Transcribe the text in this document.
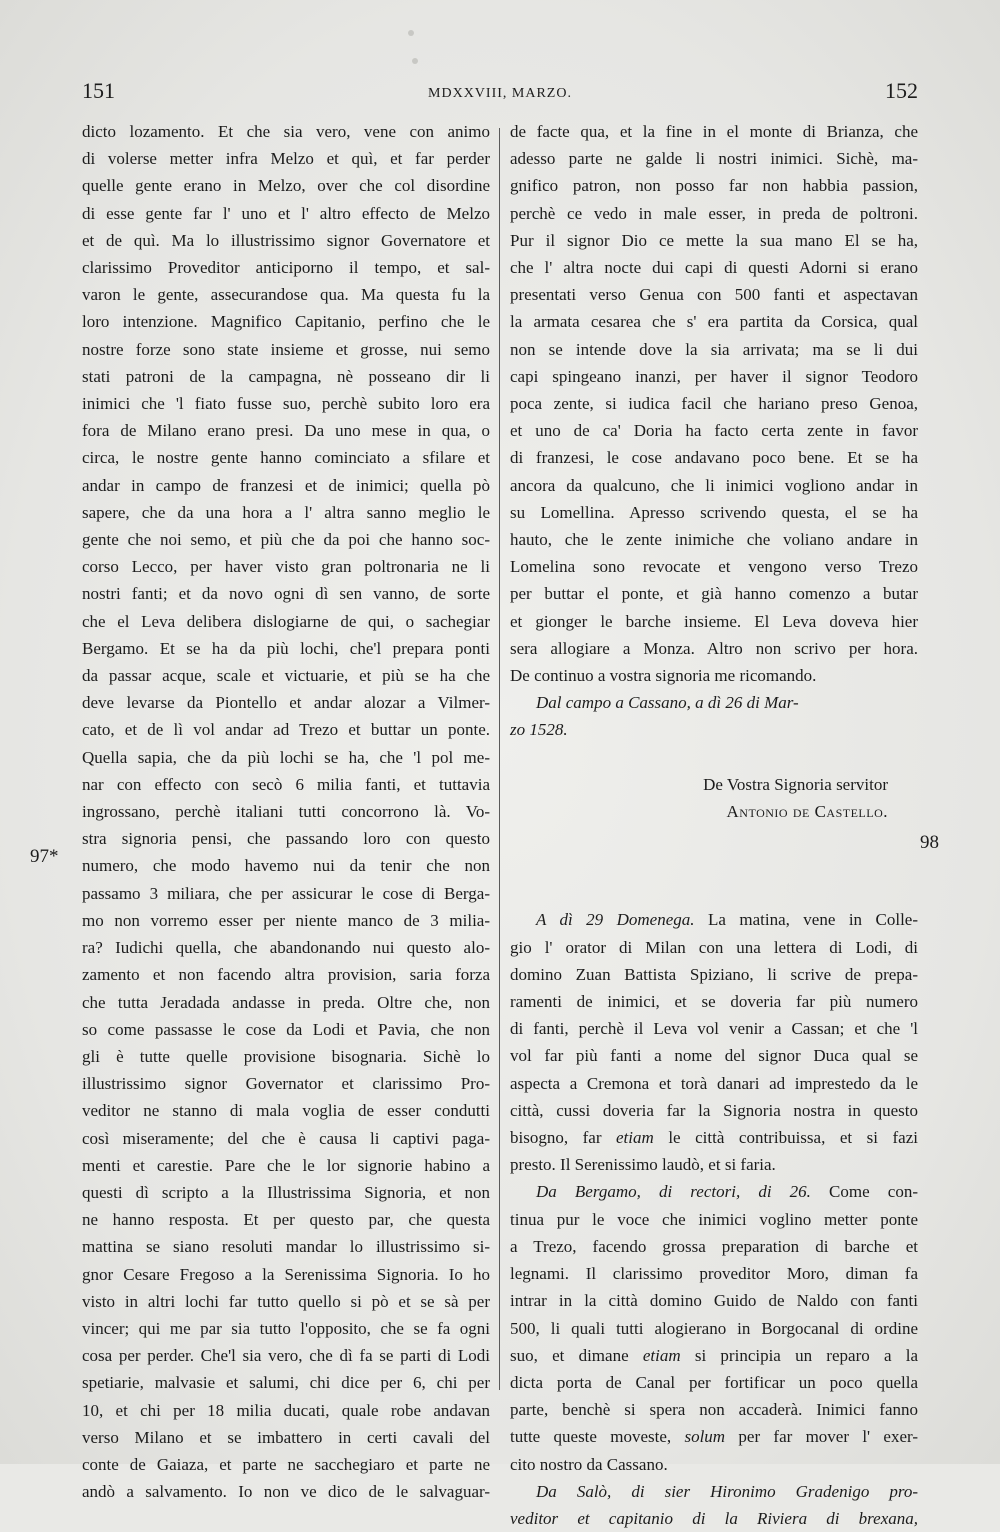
151	MDXXVIII, MARZO.	152
97*
98
dicto lozamento. Et che sia vero, vene con animo
di volerse metter infra Melzo et quì, et far perder
quelle gente erano in Melzo, over che col disordine
di esse gente far l' uno et l' altro effecto de Melzo
et de quì. Ma lo illustrissimo signor Governatore et
clarissimo Proveditor anticiporno il tempo, et sal-
varon le gente, assecurandose qua. Ma questa fu la
loro intenzione. Magnifico Capitanio, perfino che le
nostre forze sono state insieme et grosse, nui semo
stati patroni de la campagna, nè posseano dir li
inimici che 'l fiato fusse suo, perchè subito loro era
fora de Milano erano presi. Da uno mese in qua, o
circa, le nostre gente hanno cominciato a sfilare et
andar in campo de franzesi et de inimici; quella pò
sapere, che da una hora a l' altra sanno meglio le
gente che noi semo, et più che da poi che hanno soc-
corso Lecco, per haver visto gran poltronaria ne li
nostri fanti; et da novo ogni dì sen vanno, de sorte
che el Leva delibera dislogiarne de qui, o sachegiar
Bergamo. Et se ha da più lochi, che'l prepara ponti
da passar acque, scale et victuarie, et più se ha che
deve levarse da Piontello et andar alozar a Vilmer-
cato, et de lì vol andar ad Trezo et buttar un ponte.
Quella sapia, che da più lochi se ha, che 'l pol me-
nar con effecto con secò 6 milia fanti, et tuttavia
ingrossano, perchè italiani tutti concorrono là. Vo-
stra signoria pensi, che passando loro con questo
numero, che modo havemo nui da tenir che non
passamo 3 miliara, che per assicurar le cose di Berga-
mo non vorremo esser per niente manco de 3 milia-
ra? Iudichi quella, che abandonando nui questo alo-
zamento et non facendo altra provision, saria forza
che tutta Jeradada andasse in preda. Oltre che, non
so come passasse le cose da Lodi et Pavia, che non
gli è tutte quelle provisione bisognaria. Sichè lo
illustrissimo signor Governator et clarissimo Pro-
veditor ne stanno di mala voglia de esser condutti
così miseramente; del che è causa li captivi paga-
menti et carestie. Pare che le lor signorie habino a
questi dì scripto a la Illustrissima Signoria, et non
ne hanno resposta. Et per questo par, che questa
mattina se siano resoluti mandar lo illustrissimo si-
gnor Cesare Fregoso a la Serenissima Signoria. Io ho
visto in altri lochi far tutto quello si pò et se sà per
vincer; qui me par sia tutto l'opposito, che se fa ogni
cosa per perder. Che'l sia vero, che dì fa se parti di Lodi
spetiarie, malvasie et salumi, chi dice per 6, chi per
10, et chi per 18 milia ducati, quale robe andavan
verso Milano et se imbattero in certi cavali del
conte de Gaiaza, et parte ne sacchegiaro et parte ne
andò a salvamento. Io non ve dico de le salvaguar-
de facte qua, et la fine in el monte di Brianza, che
adesso parte ne galde li nostri inimici. Sichè, ma-
gnifico patron, non posso far non habbia passion,
perchè ce vedo in male esser, in preda de poltroni.
Pur il signor Dio ce mette la sua mano El se ha,
che l' altra nocte dui capi di questi Adorni si erano
presentati verso Genua con 500 fanti et aspectavan
la armata cesarea che s' era partita da Corsica, qual
non se intende dove la sia arrivata; ma se li dui
capi spingeano inanzi, per haver il signor Teodoro
poca zente, si iudica facil che hariano preso Genoa,
et uno de ca' Doria ha facto certa zente in favor
di franzesi, le cose andavano poco bene. Et se ha
ancora da qualcuno, che li inimici vogliono andar in
su Lomellina. Apresso scrivendo questa, el se ha
hauto, che le zente inimiche che voliano andare in
Lomelina sono revocate et vengono verso Trezo
per buttar el ponte, et già hanno comenzo a butar
et gionger le barche insieme. El Leva doveva hier
sera allogiare a Monza. Altro non scrivo per hora.
De continuo a vostra signoria me ricomando.
Dal campo a Cassano, a dì 26 di Mar-
zo 1528.
De Vostra Signoria servitor
Antonio de Castello.
A dì 29 Domenega. La matina, vene in Colle-
gio l' orator di Milan con una lettera di Lodi, di
domino Zuan Battista Spiziano, li scrive de prepa-
ramenti de inimici, et se doveria far più numero
di fanti, perchè il Leva vol venir a Cassan; et che 'l
vol far più fanti a nome del signor Duca qual se
aspecta a Cremona et torà danari ad imprestedo da le
città, cussi doveria far la Signoria nostra in questo
bisogno, far etiam le città contribuissa, et si fazi
presto. Il Serenissimo laudò, et si faria.
Da Bergamo, di rectori, di 26. Come con-
tinua pur le voce che inimici voglino metter ponte
a Trezo, facendo grossa preparation di barche et
legnami. Il clarissimo proveditor Moro, diman fa
intrar in la città domino Guido de Naldo con fanti
500, li quali tutti alogierano in Borgocanal di ordine
suo, et dimane etiam si principia un reparo a la
dicta porta de Canal per fortificar un poco quella
parte, benchè si spera non accaderà. Inimici fanno
tutte queste moveste, solum per far mover l' exer-
cito nostro da Cassano.
Da Salò, di sier Hironimo Gradenigo pro-
veditor et capitanio di la Riviera di brexana,
